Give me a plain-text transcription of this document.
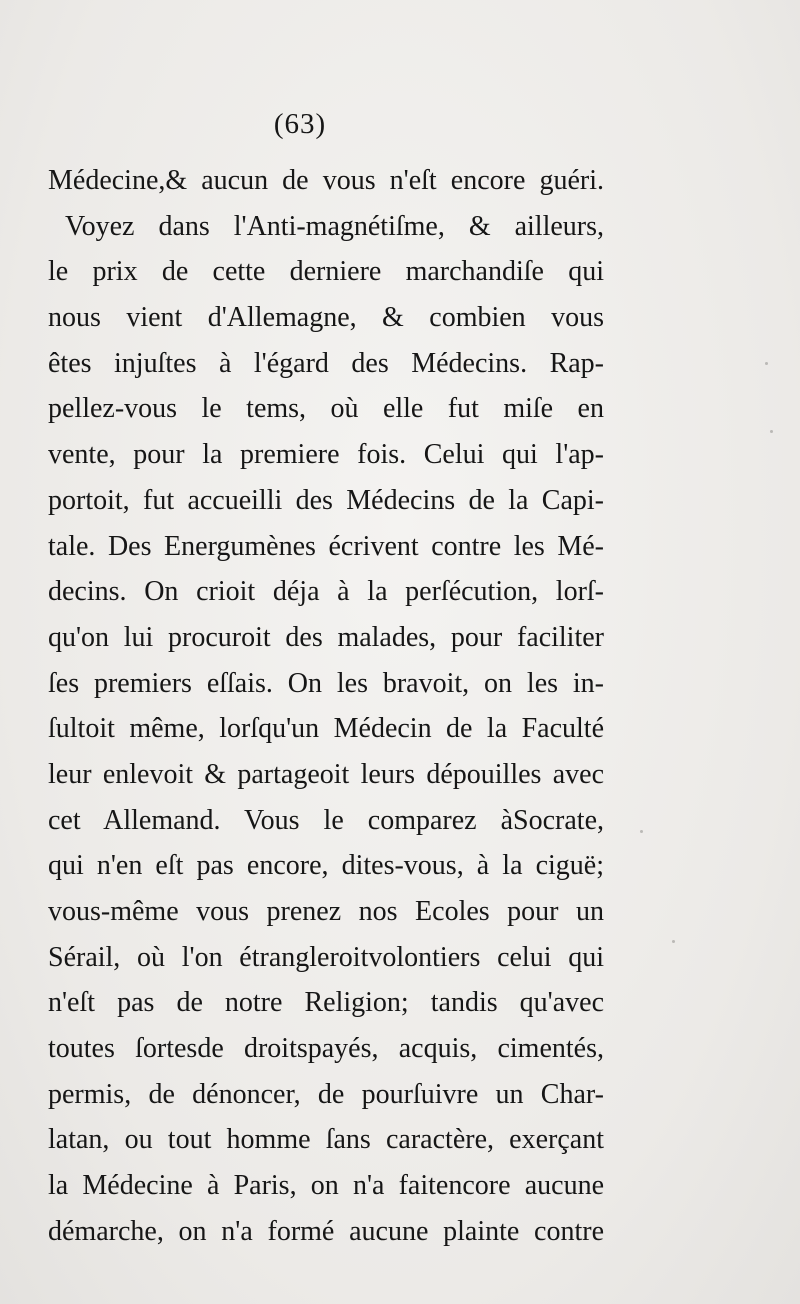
(63)
Médecine,& aucun de vous n'eſt encore guéri.
Voyez dans l'Anti-magnétiſme, & ailleurs,
le prix de cette derniere marchandiſe qui
nous vient d'Allemagne, & combien vous
êtes injuſtes à l'égard des Médecins. Rap-
pellez-vous le tems, où elle fut miſe en
vente, pour la premiere fois. Celui qui l'ap-
portoit, fut accueilli des Médecins de la Capi-
tale. Des Energumènes écrivent contre les Mé-
decins. On crioit déja à la perſécution, lorſ-
qu'on lui procuroit des malades, pour faciliter
ſes premiers eſſais. On les bravoit, on les in-
ſultoit même, lorſqu'un Médecin de la Faculté
leur enlevoit & partageoit leurs dépouilles avec
cet Allemand. Vous le comparez àSocrate,
qui n'en eſt pas encore, dites-vous, à la ciguë;
vous-même vous prenez nos Ecoles pour un
Sérail, où l'on étrangleroitvolontiers celui qui
n'eſt pas de notre Religion; tandis qu'avec
toutes ſortesde droitspayés, acquis, cimentés,
permis, de dénoncer, de pourſuivre un Char-
latan, ou tout homme ſans caractère, exerçant
la Médecine à Paris, on n'a faitencore aucune
démarche, on n'a formé aucune plainte contre
